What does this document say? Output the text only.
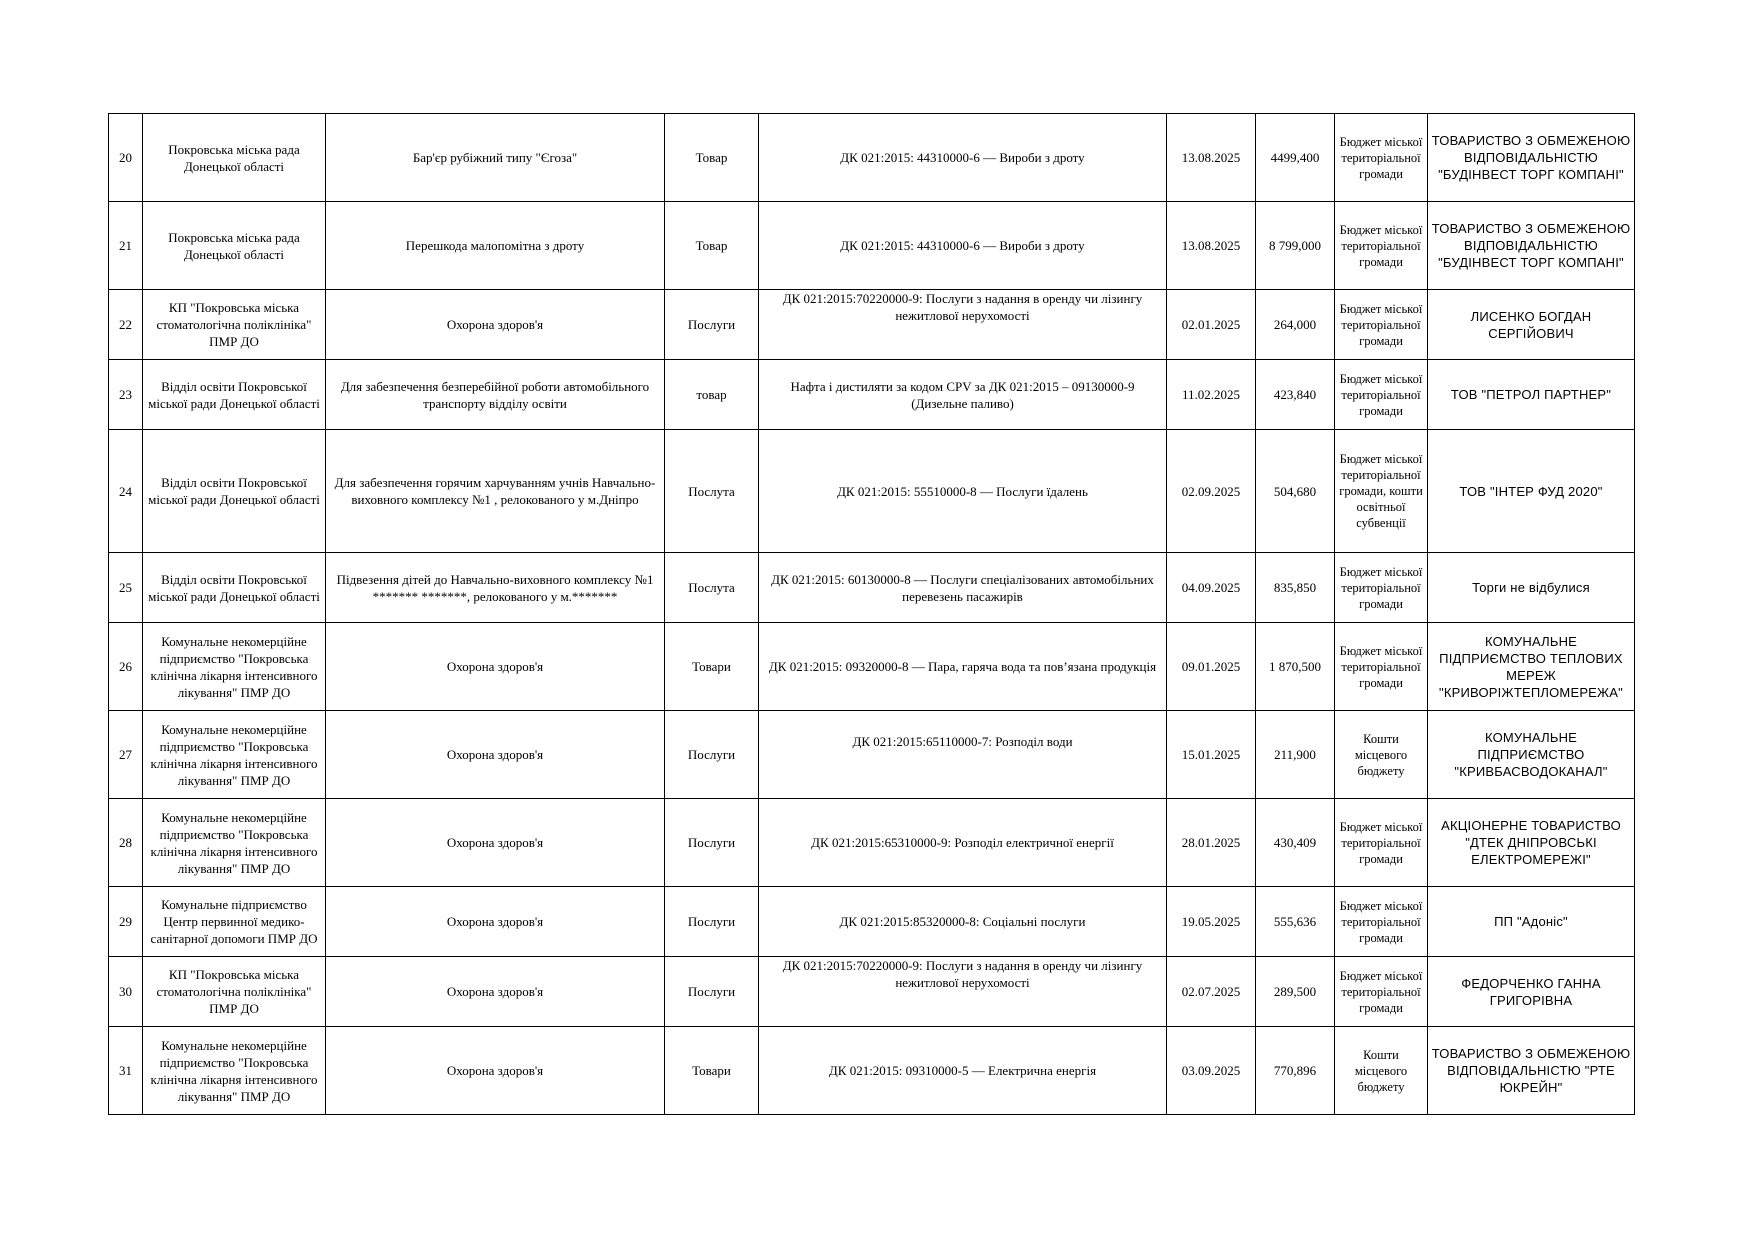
20	Покровська міська рада Донецької області	Бар'єр рубіжний типу "Єгоза"	Товар	ДК 021:2015: 44310000-6 — Вироби з дроту	13.08.2025	4499,400	Бюджет міської територіальної громади	ТОВАРИСТВО З ОБМЕЖЕНОЮ ВІДПОВІДАЛЬНІСТЮ "БУДІНВЕСТ ТОРГ КОМПАНІ"
21	Покровська міська рада Донецької області	Перешкода малопомітна з дроту	Товар	ДК 021:2015: 44310000-6 — Вироби з дроту	13.08.2025	8 799,000	Бюджет міської територіальної громади	ТОВАРИСТВО З ОБМЕЖЕНОЮ ВІДПОВІДАЛЬНІСТЮ "БУДІНВЕСТ ТОРГ КОМПАНІ"
22	КП "Покровська міська стоматологічна поліклініка" ПМР ДО	Охорона здоров'я	Послуги	ДК 021:2015:70220000-9: Послуги з надання в оренду чи лізингу нежитлової нерухомості	02.01.2025	264,000	Бюджет міської територіальної громади	ЛИСЕНКО БОГДАН СЕРГІЙОВИЧ
23	Відділ освіти Покровської міської ради Донецької області	Для забезпечення безперебійної роботи автомобільного транспорту відділу освіти	товар	Нафта і дистиляти за кодом CPV за ДК 021:2015 – 09130000-9 (Дизельне паливо)	11.02.2025	423,840	Бюджет міської територіальної громади	ТОВ "ПЕТРОЛ ПАРТНЕР"
24	Відділ освіти Покровської міської ради Донецької області	Для забезпечення горячим харчуванням учнів Навчально-виховного комплексу №1 , релокованого у м.Дніпро	Послута	ДК 021:2015: 55510000-8 — Послуги їдалень	02.09.2025	504,680	Бюджет міської територіальної громади, кошти освітньої субвенції	ТОВ "ІНТЕР ФУД 2020"
25	Відділ освіти Покровської міської ради Донецької області	Підвезення дітей до Навчально-виховного комплексу №1 ******* *******, релокованого у м.*******	Послута	ДК 021:2015: 60130000-8 — Послуги спеціалізованих автомобільних перевезень пасажирів	04.09.2025	835,850	Бюджет міської територіальної громади	Торги не відбулися
26	Комунальне некомерційне підприємство "Покровська клінічна лікарня інтенсивного лікування" ПМР ДО	Охорона здоров'я	Товари	ДК 021:2015: 09320000-8 — Пара, гаряча вода та пов’язана продукція	09.01.2025	1 870,500	Бюджет міської територіальної громади	КОМУНАЛЬНЕ ПІДПРИЄМСТВО ТЕПЛОВИХ МЕРЕЖ "КРИВОРІЖТЕПЛОМЕРЕЖА"
27	Комунальне некомерційне підприємство "Покровська клінічна лікарня інтенсивного лікування" ПМР ДО	Охорона здоров'я	Послуги	ДК 021:2015:65110000-7: Розподіл води	15.01.2025	211,900	Кошти місцевого бюджету	КОМУНАЛЬНЕ ПІДПРИЄМСТВО "КРИВБАСВОДОКАНАЛ"
28	Комунальне некомерційне підприємство "Покровська клінічна лікарня інтенсивного лікування" ПМР ДО	Охорона здоров'я	Послуги	ДК 021:2015:65310000-9: Розподіл електричної енергії	28.01.2025	430,409	Бюджет міської територіальної громади	АКЦІОНЕРНЕ ТОВАРИСТВО "ДТЕК ДНІПРОВСЬКІ ЕЛЕКТРОМЕРЕЖІ"
29	Комунальне підприємство Центр первинної медико-санітарної допомоги ПМР ДО	Охорона здоров'я	Послуги	ДК 021:2015:85320000-8: Соціальні послуги	19.05.2025	555,636	Бюджет міської територіальної громади	ПП "Адоніс"
30	КП "Покровська міська стоматологічна поліклініка" ПМР ДО	Охорона здоров'я	Послуги	ДК 021:2015:70220000-9: Послуги з надання в оренду чи лізингу нежитлової нерухомості	02.07.2025	289,500	Бюджет міської територіальної громади	ФЕДОРЧЕНКО ГАННА ГРИГОРІВНА
31	Комунальне некомерційне підприємство "Покровська клінічна лікарня інтенсивного лікування" ПМР ДО	Охорона здоров'я	Товари	ДК 021:2015: 09310000-5 — Електрична енергія	03.09.2025	770,896	Кошти місцевого бюджету	ТОВАРИСТВО З ОБМЕЖЕНОЮ ВІДПОВІДАЛЬНІСТЮ "РТЕ ЮКРЕЙН"
